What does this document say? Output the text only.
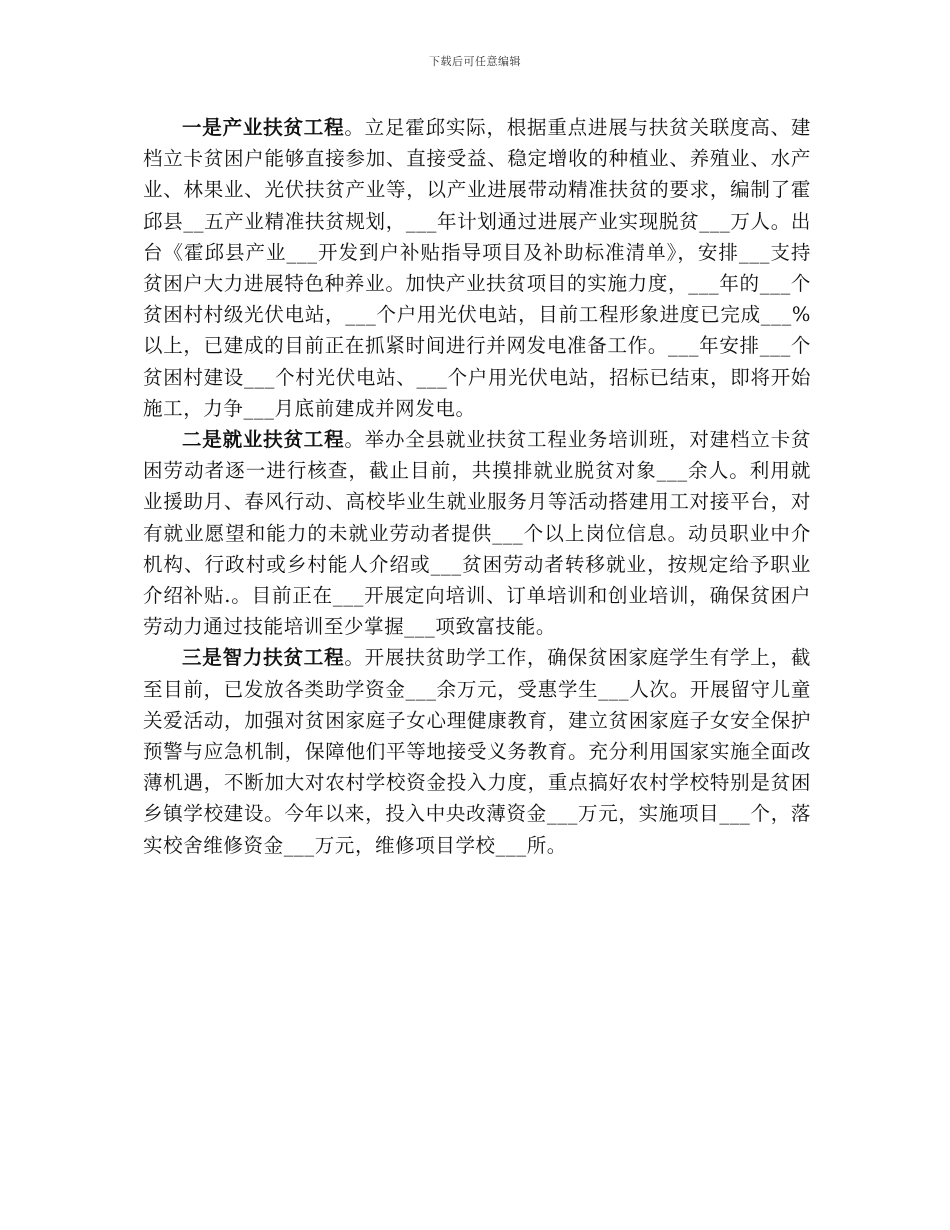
下载后可任意编辑

一是产业扶贫工程。立足霍邱实际，根据重点进展与扶贫关联度高、建档立卡贫困户能够直接参加、直接受益、稳定增收的种植业、养殖业、水产业、林果业、光伏扶贫产业等，以产业进展带动精准扶贫的要求，编制了霍邱县__五产业精准扶贫规划，___年计划通过进展产业实现脱贫___万人。出台《霍邱县产业___开发到户补贴指导项目及补助标准清单》，安排___支持贫困户大力进展特色种养业。加快产业扶贫项目的实施力度，___年的___个贫困村村级光伏电站，___个户用光伏电站，目前工程形象进度已完成___%以上，已建成的目前正在抓紧时间进行并网发电准备工作。___年安排___个贫困村建设___个村光伏电站、___个户用光伏电站，招标已结束，即将开始施工，力争___月底前建成并网发电。

二是就业扶贫工程。举办全县就业扶贫工程业务培训班，对建档立卡贫困劳动者逐一进行核查，截止目前，共摸排就业脱贫对象___余人。利用就业援助月、春风行动、高校毕业生就业服务月等活动搭建用工对接平台，对有就业愿望和能力的未就业劳动者提供___个以上岗位信息。动员职业中介机构、行政村或乡村能人介绍或___贫困劳动者转移就业，按规定给予职业介绍补贴.。目前正在___开展定向培训、订单培训和创业培训，确保贫困户劳动力通过技能培训至少掌握___项致富技能。

三是智力扶贫工程。开展扶贫助学工作，确保贫困家庭学生有学上，截至目前，已发放各类助学资金___余万元，受惠学生___人次。开展留守儿童关爱活动，加强对贫困家庭子女心理健康教育，建立贫困家庭子女安全保护预警与应急机制，保障他们平等地接受义务教育。充分利用国家实施全面改薄机遇，不断加大对农村学校资金投入力度，重点搞好农村学校特别是贫困乡镇学校建设。今年以来，投入中央改薄资金___万元，实施项目___个，落实校舍维修资金___万元，维修项目学校___所。
